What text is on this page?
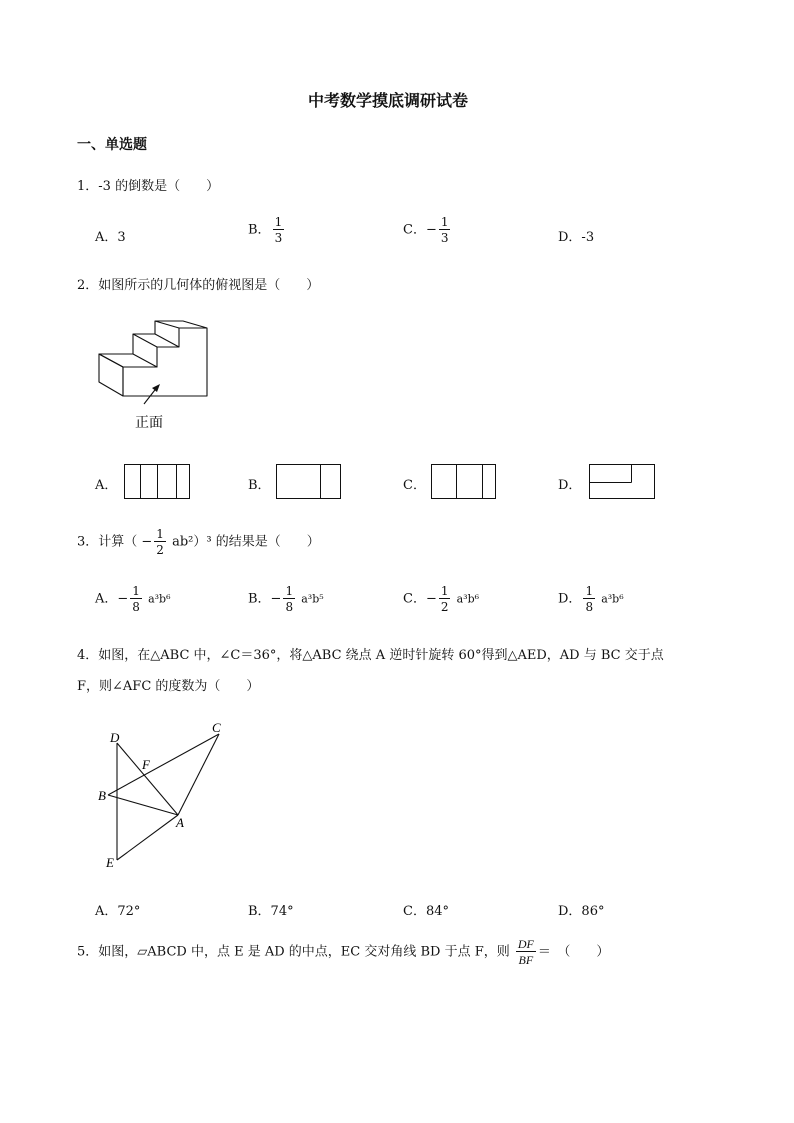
中考数学摸底调研试卷
一、单选题
1．-3 的倒数是（　　）
A．3	B． $\frac{1}{3}$	C．− $\frac{1}{3}$	D．-3
2．如图所示的几何体的俯视图是（　　）
正面
A．	B．	C．	D．
3．计算（ − $\frac{1}{2} ab^2)^3$ 的结果是（　　）
A．− $\frac{1}{8} a^3b^6$	B．− $\frac{1}{8} a^3b^5$	C．− $\frac{1}{2} a^3b^6$	D． $\frac{1}{8} a^3b^6$
4．如图，在△ABC 中，∠C＝36°，将△ABC 绕点 A 逆时针旋转 60°得到△AED，AD 与 BC 交于点
F，则∠AFC 的度数为（　　）
D
F
C
B
A
E
A．72°	B．74°	C．84°	D．86°
5．如图，▱ABCD 中，点 E 是 AD 的中点，EC 交对角线 BD 于点 F，则 $\frac{DF}{BF}$ ＝　（　　）
